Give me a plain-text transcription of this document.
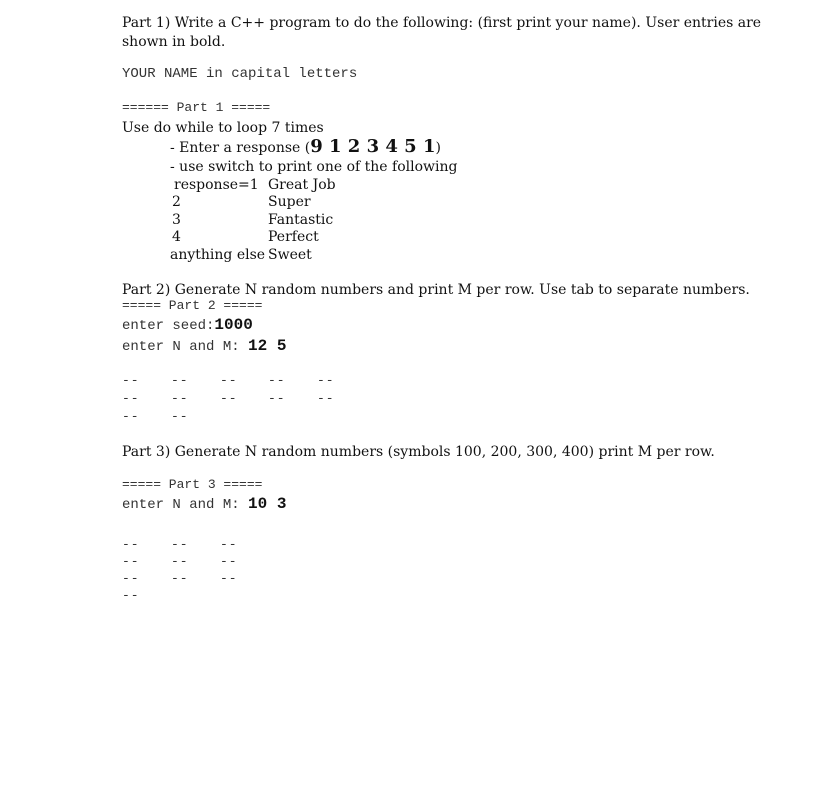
Part 1) Write a C++ program to do the following: (first print your name). User entries are
shown in bold.
YOUR NAME in capital letters
====== Part 1 =====
Use do while to loop 7 times
- Enter a response (9 1 2 3 4 5 1)
- use switch to print one of the following
response=1 Great Job
2	Super
3	Fantastic
4	Perfect
anything else Sweet
Part 2) Generate N random numbers and print M per row. Use tab to separate numbers.
===== Part 2 =====
enter seed:1000
enter N and M: 12 5
-- -- -- -- --
-- -- -- -- --
-- --
Part 3) Generate N random numbers (symbols 100, 200, 300, 400) print M per row.
===== Part 3 =====
enter N and M: 10 3
-- -- --
-- -- --
-- -- --
--
